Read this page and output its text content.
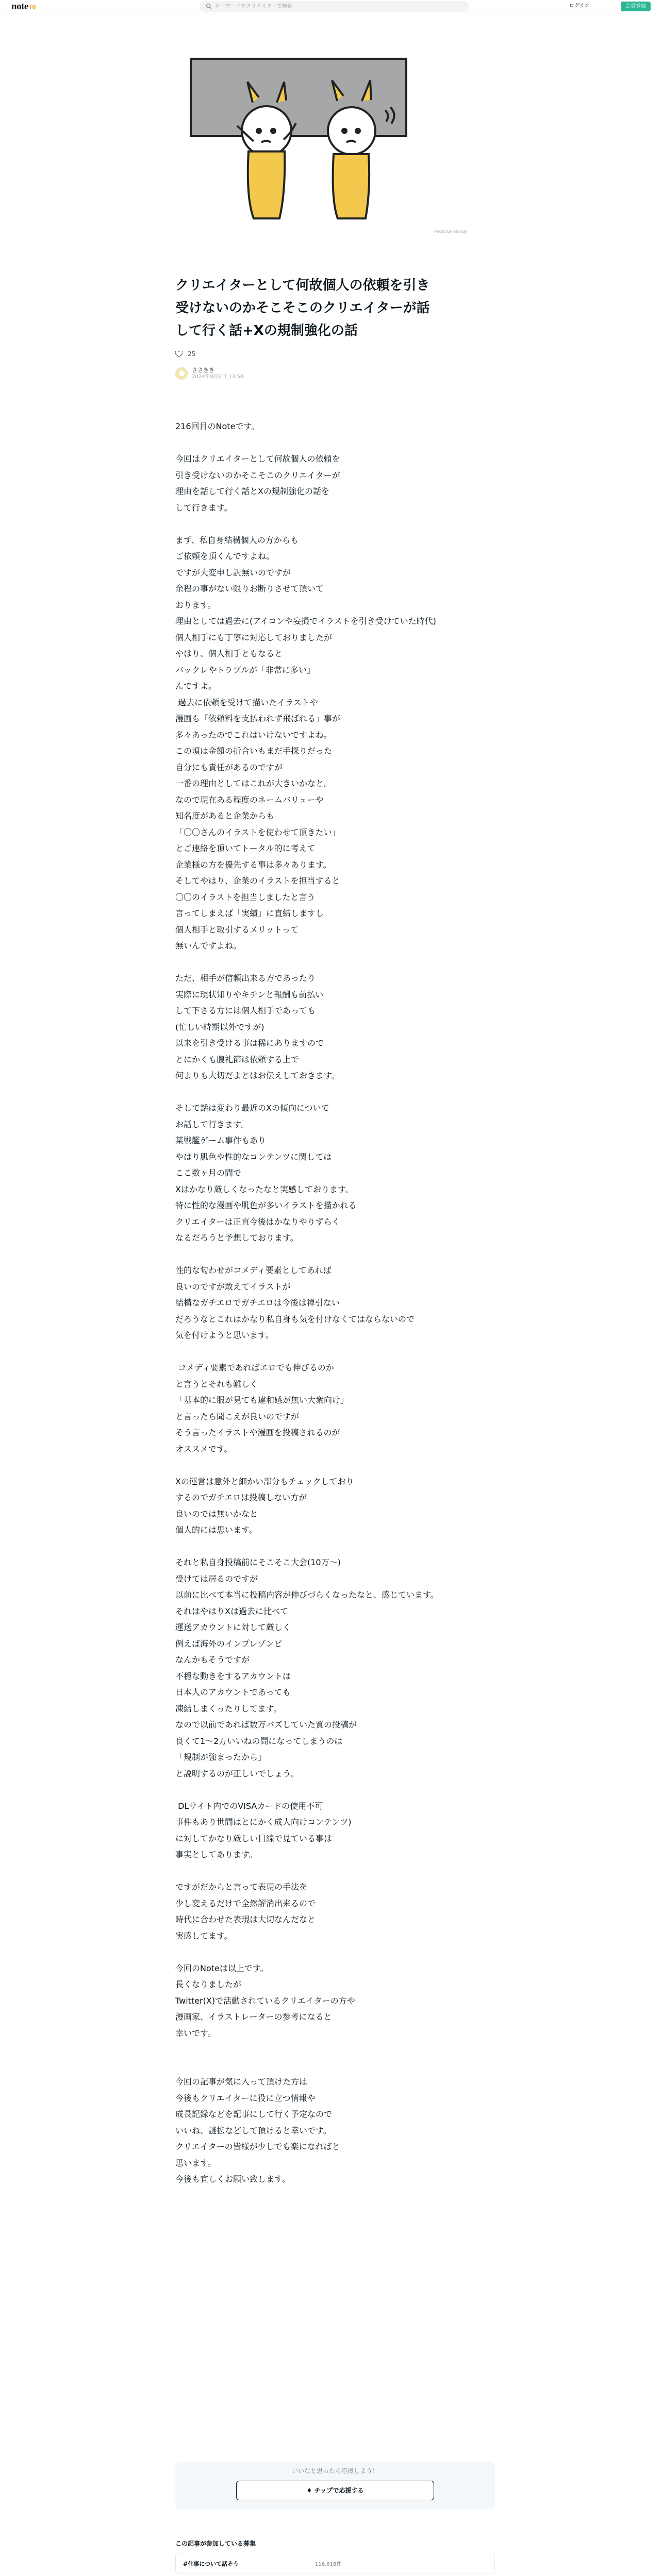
note10	キーワードやクリエイターで検索	ログイン	会員登録
Photo by shindy
クリエイターとして何故個人の依頼を引き
受けないのかそこそこのクリエイターが話
して行く話+Xの規制強化の話
25
ささきき
2024年8月2日 13:50

216回目のNoteです。

今回はクリエイターとして何故個人の依頼を

引き受けないのかそこそこのクリエイターが

理由を話して行く話とXの規制強化の話を

して行きます。

まず、私自身結構個人の方からも

ご依頼を頂くんですよね。

ですが大変申し訳無いのですが

余程の事がない限りお断りさせて頂いて

おります。

理由としては過去に(アイコンや妄撮でイラストを引き受けていた時代)

個人相手にも丁寧に対応しておりましたが

やはり、個人相手ともなると

バックレやトラブルが「非常に多い」

んですよ。

過去に依頼を受けて描いたイラストや

漫画も「依頼料を支払われず飛ばれる」事が

多々あったのでこれはいけないですよね。

この頃は金額の折合いもまだ手探りだった

自分にも責任があるのですが

一番の理由としてはこれが大きいかなと。

なので現在ある程度のネームバリューや

知名度があると企業からも

「〇〇さんのイラストを使わせて頂きたい」

とご連絡を頂いてトータル的に考えて

企業様の方を優先する事は多々あります。

そしてやはり、企業のイラストを担当すると

〇〇のイラストを担当しましたと言う

言ってしまえば「実績」に直結しますし

個人相手と取引するメリットって

無いんですよね。

ただ、相手が信頼出来る方であったり

実際に現状知りやキチンと報酬も前払い

して下さる方には個人相手であっても

(忙しい時期以外ですが)

以来を引き受ける事は稀にありますので

とにかくも腹礼節は依頼する上で

何よりも大切だよとはお伝えしておきます。

そして話は変わり最近のXの傾向について

お話して行きます。

某戦艦ゲーム事件もあり

やはり肌色や性的なコンテンツに関しては

ここ数ヶ月の間で

Xはかなり厳しくなったなと実感しております。

特に性的な漫画や肌色が多いイラストを描かれる

クリエイターは正直今後はかなりやりずらく

なるだろうと予想しております。

性的な匂わせがコメディ要素としてあれば

良いのですが敢えてイラストが

結構なガチエロでガチエロは今後は禅引ない

だろうなとこれはかなり私自身も気を付けなくてはならないので

気を付けようと思います。

コメディ要素であればエロでも伸びるのか

と言うとそれも難しく

「基本的に服が見ても違和感が無い大衆向け」

と言ったら聞こえが良いのですが

そう言ったイラストや漫画を投稿されるのが

オススメです。

Xの運営は意外と細かい部分もチェックしており

するのでガチエロは投稿しない方が

良いのでは無いかなと

個人的には思います。

それと私自身投稿前にそこそこ大会(10万〜)

受けては居るのですが

以前に比べて本当に投稿内容が伸びづらくなったなと、感じています。

それはやはりXは過去に比べて

運送アカウントに対して厳しく

例えば海外のインプレゾンビ

なんかもそうですが

不穏な動きをするアカウントは

日本人のアカウントであっても

凍結しまくったりしてます。

なので以前であれば数万バズしていた質の投稿が

良くて1〜2万いいねの間になってしまうのは

「規制が強まったから」

と説明するのが正しいでしょう。

DLサイト内でのVISAカードの使用不可

事件もあり世間はとにかく成人向けコンテンツ)

に対してかなり厳しい目線で見ている事は

事実としてあります。

ですがだからと言って表現の手法を

少し変えるだけで全然解消出来るので

時代に合わせた表現は大切なんだなと

実感してます。

今回のNoteは以上です。

長くなりましたが

Twitter(X)で活動されているクリエイターの方や

漫画家、イラストレーターの参考になると

幸いです。

今回の記事が気に入って頂けた方は

今後もクリエイターに役に立つ情報や

成長記録などを記事にして行く予定なので

いいね、謎拡などして頂けると幸いです。

クリエイターの皆様が少しでも楽になればと

思います。

今後も宜しくお願い致します。

いいなと思ったら応援しよう！
♦ チップで応援する
この記事が参加している募集
#仕事について話そう	116,618件
